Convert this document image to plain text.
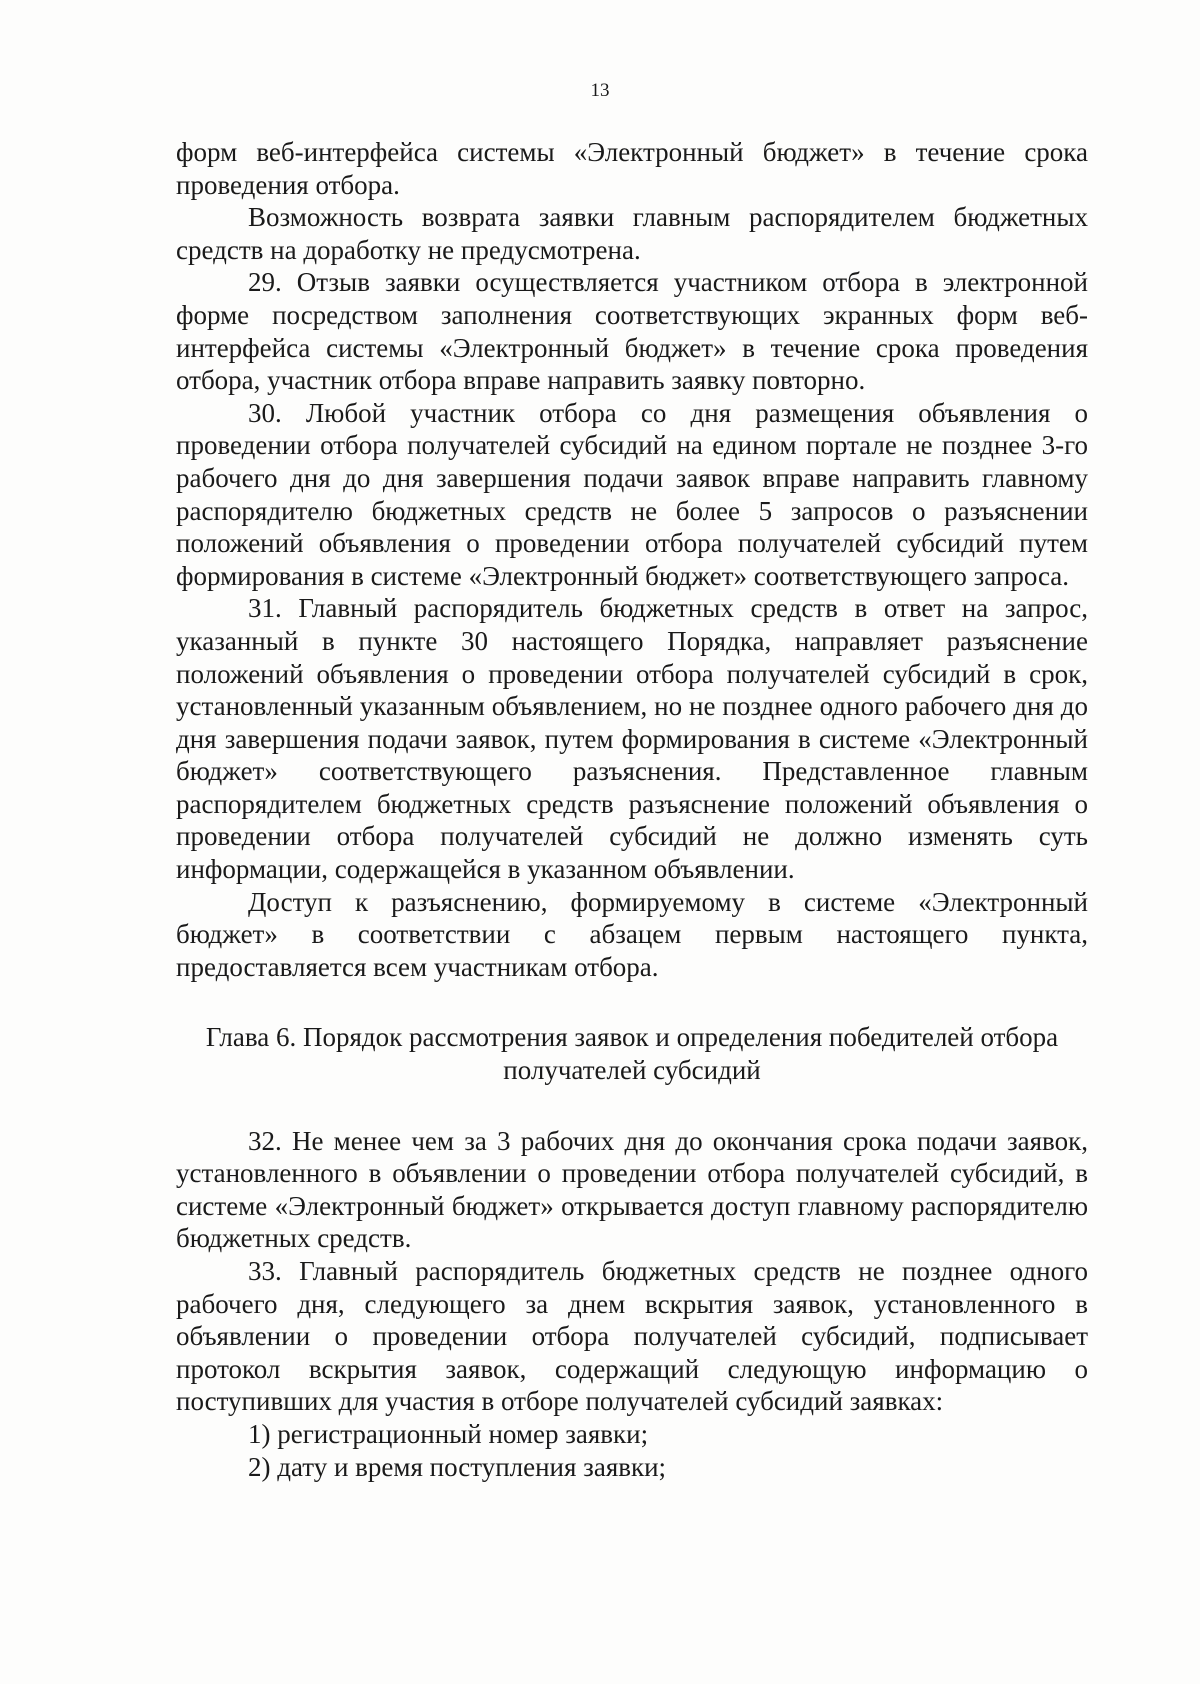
13

форм веб-интерфейса системы «Электронный бюджет» в течение срока проведения отбора.

Возможность возврата заявки главным распорядителем бюджетных средств на доработку не предусмотрена.

29. Отзыв заявки осуществляется участником отбора в электронной форме посредством заполнения соответствующих экранных форм веб-интерфейса системы «Электронный бюджет» в течение срока проведения отбора, участник отбора вправе направить заявку повторно.

30. Любой участник отбора со дня размещения объявления о проведении отбора получателей субсидий на едином портале не позднее 3-го рабочего дня до дня завершения подачи заявок вправе направить главному распорядителю бюджетных средств не более 5 запросов о разъяснении положений объявления о проведении отбора получателей субсидий путем формирования в системе «Электронный бюджет» соответствующего запроса.

31. Главный распорядитель бюджетных средств в ответ на запрос, указанный в пункте 30 настоящего Порядка, направляет разъяснение положений объявления о проведении отбора получателей субсидий в срок, установленный указанным объявлением, но не позднее одного рабочего дня до дня завершения подачи заявок, путем формирования в системе «Электронный бюджет» соответствующего разъяснения. Представленное главным распорядителем бюджетных средств разъяснение положений объявления о проведении отбора получателей субсидий не должно изменять суть информации, содержащейся в указанном объявлении.

Доступ к разъяснению, формируемому в системе «Электронный бюджет» в соответствии с абзацем первым настоящего пункта, предоставляется всем участникам отбора.

Глава 6. Порядок рассмотрения заявок и определения победителей отбора
получателей субсидий

32. Не менее чем за 3 рабочих дня до окончания срока подачи заявок, установленного в объявлении о проведении отбора получателей субсидий, в системе «Электронный бюджет» открывается доступ главному распорядителю бюджетных средств.

33. Главный распорядитель бюджетных средств не позднее одного рабочего дня, следующего за днем вскрытия заявок, установленного в объявлении о проведении отбора получателей субсидий, подписывает протокол вскрытия заявок, содержащий следующую информацию о поступивших для участия в отборе получателей субсидий заявках:

1) регистрационный номер заявки;

2) дату и время поступления заявки;
